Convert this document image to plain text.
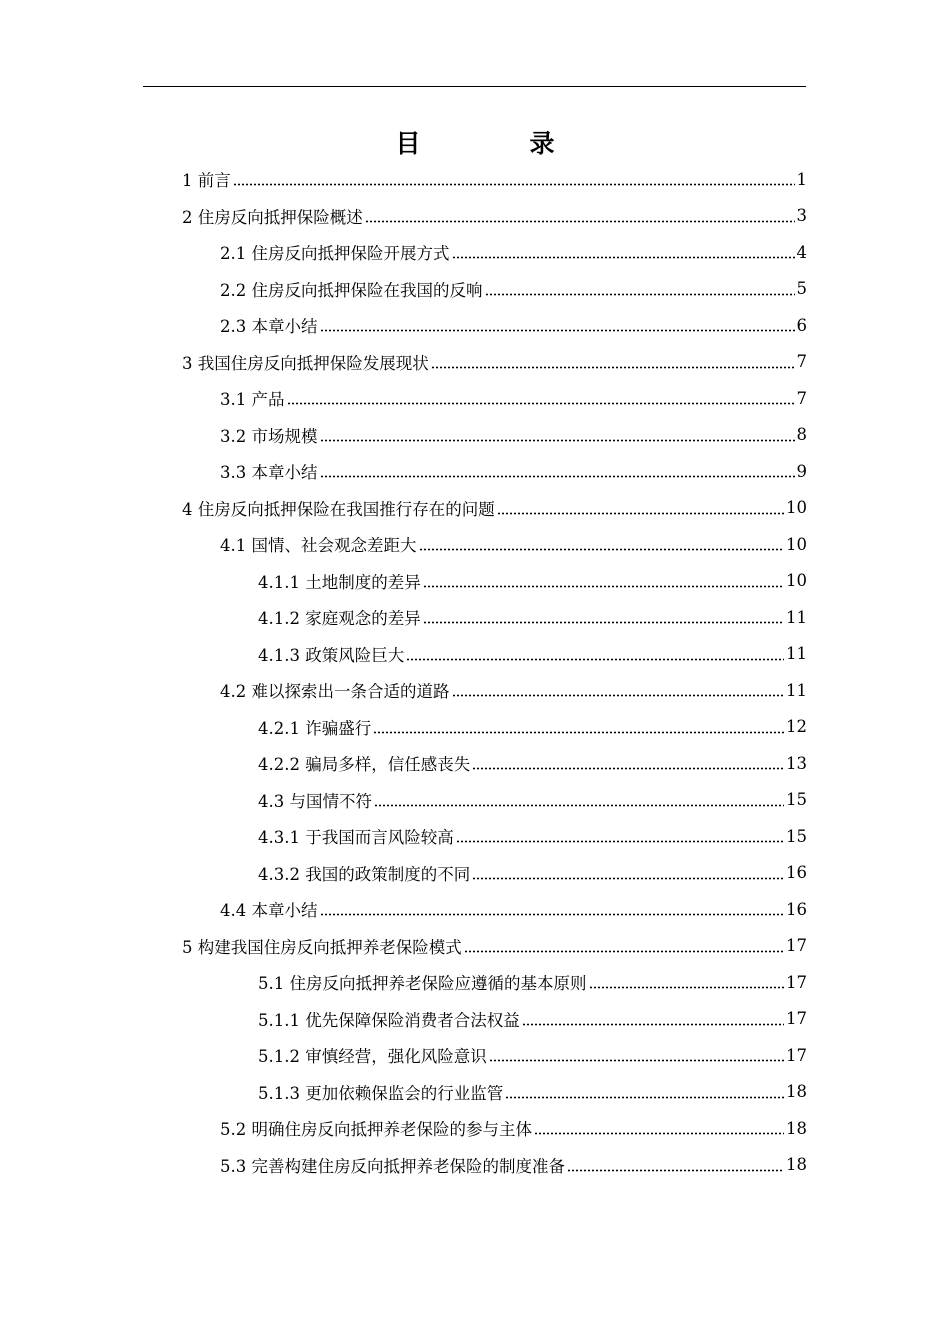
目　录
1 前言	1
2 住房反向抵押保险概述	3
2.1 住房反向抵押保险开展方式	4
2.2 住房反向抵押保险在我国的反响	5
2.3 本章小结	6
3 我国住房反向抵押保险发展现状	7
3.1 产品	7
3.2 市场规模	8
3.3 本章小结	9
4 住房反向抵押保险在我国推行存在的问题	10
4.1 国情、社会观念差距大	10
4.1.1 土地制度的差异	10
4.1.2 家庭观念的差异	11
4.1.3 政策风险巨大	11
4.2 难以探索出一条合适的道路	11
4.2.1 诈骗盛行	12
4.2.2 骗局多样，信任感丧失	13
4.3 与国情不符	15
4.3.1 于我国而言风险较高	15
4.3.2 我国的政策制度的不同	16
4.4 本章小结	16
5 构建我国住房反向抵押养老保险模式	17
5.1 住房反向抵押养老保险应遵循的基本原则	17
5.1.1 优先保障保险消费者合法权益	17
5.1.2 审慎经营，强化风险意识	17
5.1.3 更加依赖保监会的行业监管	18
5.2 明确住房反向抵押养老保险的参与主体	18
5.3 完善构建住房反向抵押养老保险的制度准备	18
